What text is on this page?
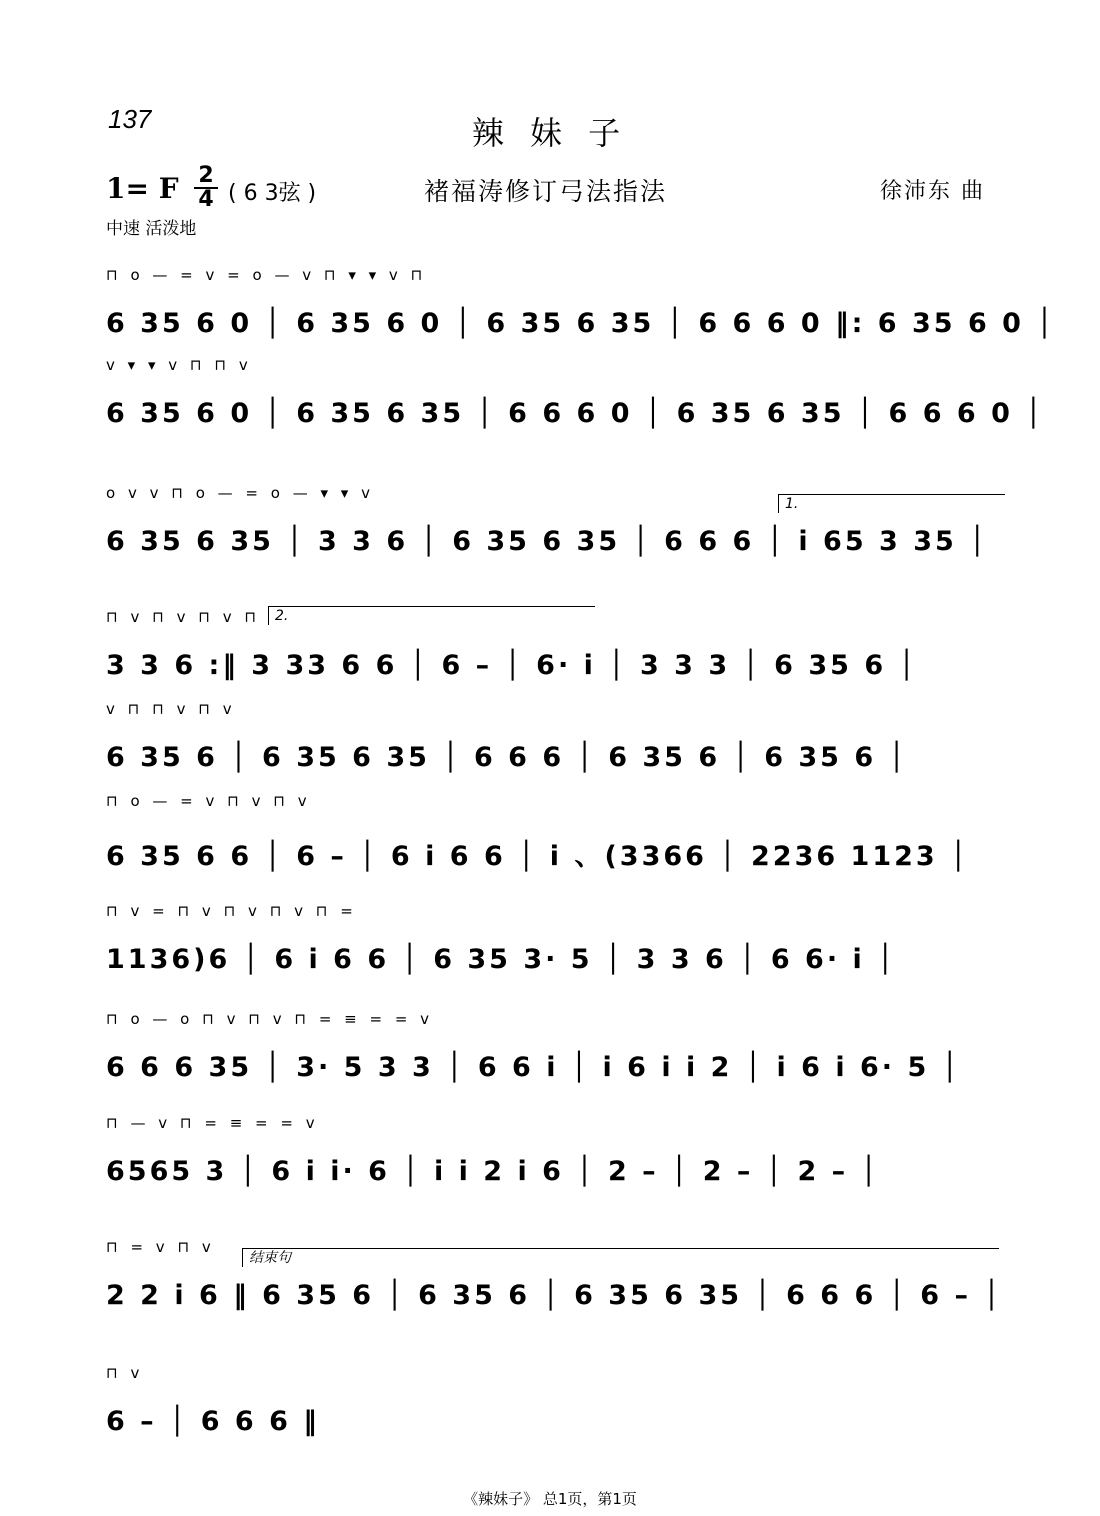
137	辣 妹 子
1= F 2
4 ( 6 3弦 )	褚福涛修订弓法指法	徐沛东 曲
中速 活泼地
⊓ o — = v = o — v ⊓ ▾ ▾ v ⊓
6 35 6 0 │ 6 35 6 0 │ 6 35 6 35 │ 6 6 6 0 ‖: 6 35 6 0 │
v ▾ ▾ v ⊓ ⊓ v
6 35 6 0 │ 6 35 6 35 │ 6 6 6 0 │ 6 35 6 35 │ 6 6 6 0 │
o v v ⊓ o — = o — ▾ ▾ v
6 35 6 35 │ 3 3 6 │ 6 35 6 35 │ 6 6 6 │ i 65 3 35 │
1.
⊓ v ⊓ v ⊓ v ⊓
3 3 6 :‖ 3 33 6 6 │ 6 – │ 6· i │ 3 3 3 │ 6 35 6 │
2.
v ⊓ ⊓ v ⊓ v
6 35 6 │ 6 35 6 35 │ 6 6 6 │ 6 35 6 │ 6 35 6 │
⊓ o — = v ⊓ v ⊓ v
6 35 6 6 │ 6 – │ 6 i 6 6 │ i 、(3366 │ 2236 1123 │
⊓ v = ⊓ v ⊓ v ⊓ v ⊓ =
1136)6 │ 6 i 6 6 │ 6 35 3· 5 │ 3 3 6 │ 6 6· i │
⊓ o — o ⊓ v ⊓ v ⊓ = ≡ = = v
6 6 6 35 │ 3· 5 3 3 │ 6 6 i │ i 6 i i 2 │ i 6 i 6· 5 │
⊓ — v ⊓ = ≡ = = v
6565 3 │ 6 i i· 6 │ i i 2 i 6 │ 2 – │ 2 – │ 2 – │
⊓ = v ⊓ v
2 2 i 6 ‖ 6 35 6 │ 6 35 6 │ 6 35 6 35 │ 6 6 6 │ 6 – │
结束句
⊓ v
6 – │ 6 6 6 ‖
《辣妹子》 总1页，第1页
